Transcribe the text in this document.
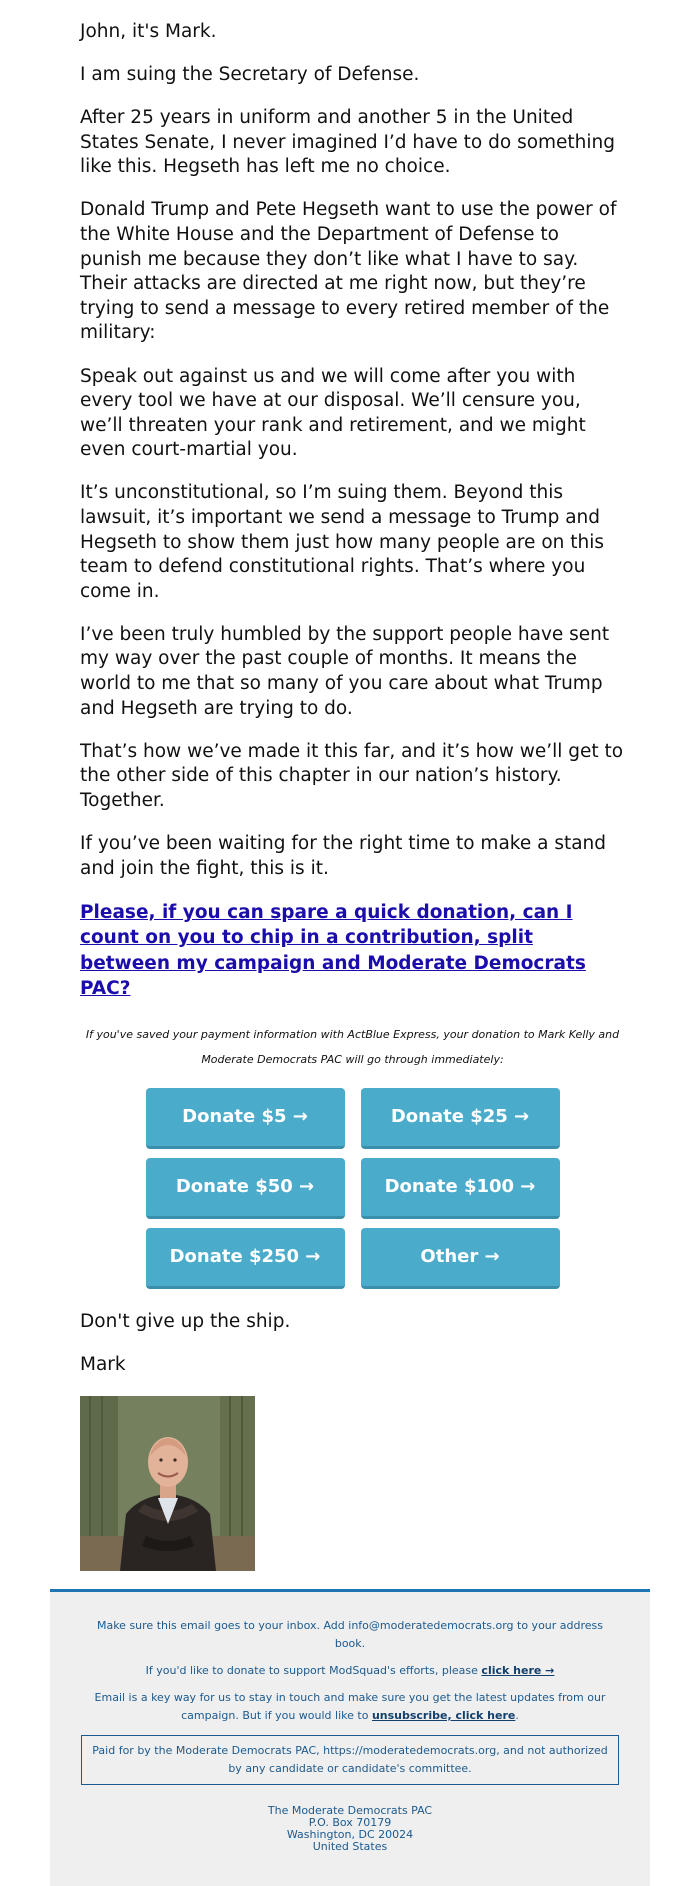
John, it's Mark.

I am suing the Secretary of Defense.

After 25 years in uniform and another 5 in the United States Senate, I never imagined I’d have to do something like this. Hegseth has left me no choice.

Donald Trump and Pete Hegseth want to use the power of the White House and the Department of Defense to punish me because they don’t like what I have to say. Their attacks are directed at me right now, but they’re trying to send a message to every retired member of the military:

Speak out against us and we will come after you with every tool we have at our disposal. We’ll censure you, we’ll threaten your rank and retirement, and we might even court-martial you.

It’s unconstitutional, so I’m suing them. Beyond this lawsuit, it’s important we send a message to Trump and Hegseth to show them just how many people are on this team to defend constitutional rights. That’s where you come in.

I’ve been truly humbled by the support people have sent my way over the past couple of months. It means the world to me that so many of you care about what Trump and Hegseth are trying to do.

That’s how we’ve made it this far, and it’s how we’ll get to the other side of this chapter in our nation’s history. Together.

If you’ve been waiting for the right time to make a stand and join the fight, this is it.

Please, if you can spare a quick donation, can I count on you to chip in a contribution, split between my campaign and Moderate Democrats PAC?

If you've saved your payment information with ActBlue Express, your donation to Mark Kelly and Moderate Democrats PAC will go through immediately:

Donate $5 →	Donate $25 →
Donate $50 →	Donate $100 →
Donate $250 →	Other →

Don't give up the ship.

Mark

Make sure this email goes to your inbox. Add info@moderatedemocrats.org to your address book.

If you'd like to donate to support ModSquad's efforts, please click here →

Email is a key way for us to stay in touch and make sure you get the latest updates from our campaign. But if you would like to unsubscribe, click here.

Paid for by the Moderate Democrats PAC, https://moderatedemocrats.org, and not authorized by any candidate or candidate's committee.

The Moderate Democrats PAC

P.O. Box 70179

Washington, DC 20024

United States
